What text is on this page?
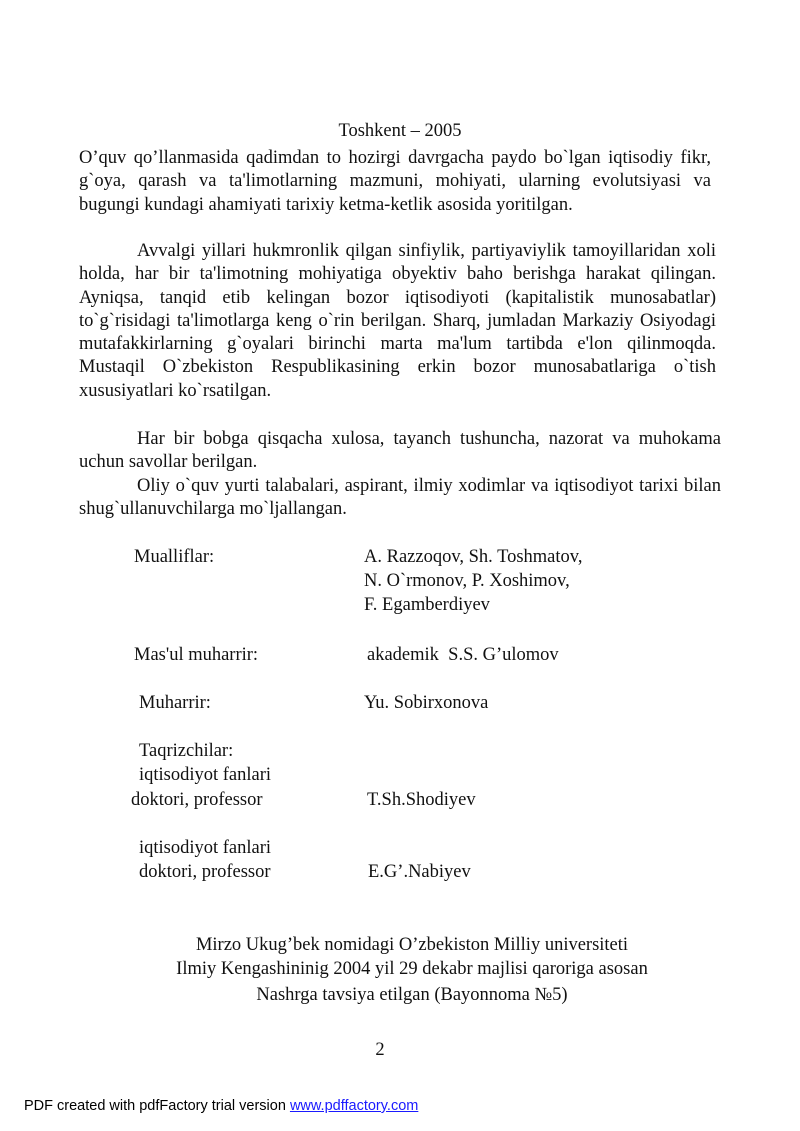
Toshkent – 2005
O’quv qo’llanmasida qadimdan to hozirgi davrgacha paydo bo`lgan iqtisodiy fikr, g`oya, qarash va ta'limotlarning mazmuni, mohiyati, ularning evolutsiyasi va bugungi kundagi ahamiyati tarixiy ketma-ketlik asosida yoritilgan.
Avvalgi yillari hukmronlik qilgan sinfiylik, partiyaviylik tamoyillaridan xoli holda, har bir ta'limotning mohiyatiga obyektiv baho berishga harakat qilingan. Ayniqsa, tanqid etib kelingan bozor iqtisodiyoti (kapitalistik munosabatlar) to`g`risidagi ta'limotlarga keng o`rin berilgan. Sharq, jumladan Markaziy Osiyodagi mutafakkirlarning g`oyalari birinchi marta ma'lum tartibda e'lon qilinmoqda. Mustaqil O`zbekiston Respublikasining erkin bozor munosabatlariga o`tish xususiyatlari ko`rsatilgan.
Har bir bobga qisqacha xulosa, tayanch tushuncha, nazorat va muhokama uchun savollar berilgan.
Oliy o`quv yurti talabalari, aspirant, ilmiy xodimlar va iqtisodiyot tarixi bilan shug`ullanuvchilarga mo`ljallangan.
Mualliflar:	A. Razzoqov, Sh. Toshmatov,
N. O`rmonov, P. Xoshimov,
F. Egamberdiyev
Mas'ul muharrir:	akademik  S.S. G’ulomov
Muharrir:	Yu. Sobirxonova
Taqrizchilar:
iqtisodiyot fanlari
doktori, professor	T.Sh.Shodiyev
iqtisodiyot fanlari
doktori, professor	E.G’.Nabiyev
Mirzo Ukug’bek nomidagi O’zbekiston Milliy universiteti
Ilmiy Kengashininig 2004 yil 29 dekabr majlisi qaroriga asosan
Nashrga tavsiya etilgan (Bayonnoma №5)
2
PDF created with pdfFactory trial version www.pdffactory.com
